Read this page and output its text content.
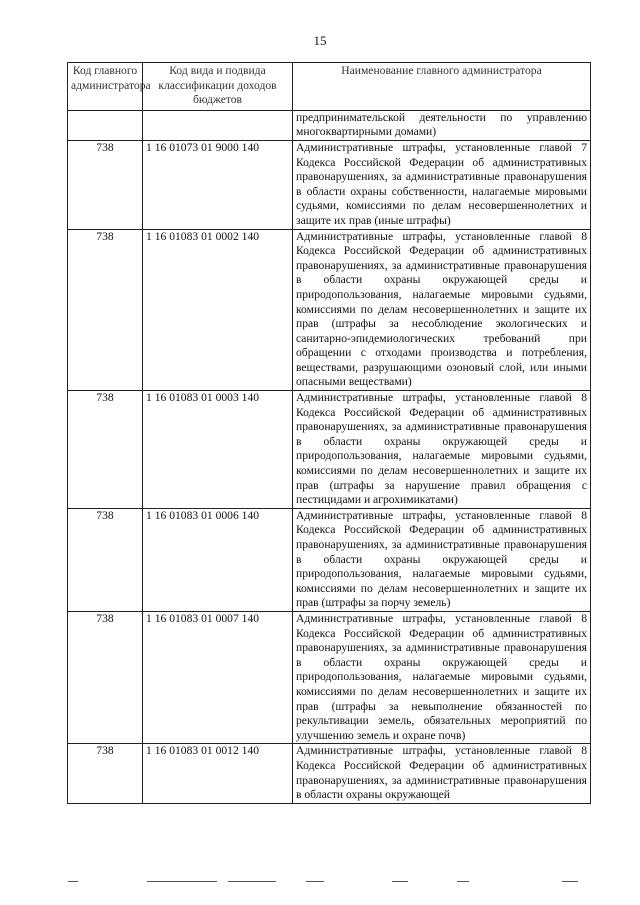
15
Код главного администратора	Код вида и подвида классификации доходов бюджетов	Наименование главного администратора
		предпринимательской деятельности по управлению многоквартирными домами)
738	1 16 01073 01 9000 140	Административные штрафы, установленные главой 7 Кодекса Российской Федерации об административных правонарушениях, за административные правонарушения в области охраны собственности, налагаемые мировыми судьями, комиссиями по делам несовершеннолетних и защите их прав (иные штрафы)
738	1 16 01083 01 0002 140	Административные штрафы, установленные главой 8 Кодекса Российской Федерации об административных правонарушениях, за административные правонарушения в области охраны окружающей среды и природопользования, налагаемые мировыми судьями, комиссиями по делам несовершеннолетних и защите их прав (штрафы за несоблюдение экологических и санитарно-эпидемиологических требований при обращении с отходами производства и потребления, веществами, разрушающими озоновый слой, или иными опасными веществами)
738	1 16 01083 01 0003 140	Административные штрафы, установленные главой 8 Кодекса Российской Федерации об административных правонарушениях, за административные правонарушения в области охраны окружающей среды и природопользования, налагаемые мировыми судьями, комиссиями по делам несовершеннолетних и защите их прав (штрафы за нарушение правил обращения с пестицидами и агрохимикатами)
738	1 16 01083 01 0006 140	Административные штрафы, установленные главой 8 Кодекса Российской Федерации об административных правонарушениях, за административные правонарушения в области охраны окружающей среды и природопользования, налагаемые мировыми судьями, комиссиями по делам несовершеннолетних и защите их прав (штрафы за порчу земель)
738	1 16 01083 01 0007 140	Административные штрафы, установленные главой 8 Кодекса Российской Федерации об административных правонарушениях, за административные правонарушения в области охраны окружающей среды и природопользования, налагаемые мировыми судьями, комиссиями по делам несовершеннолетних и защите их прав (штрафы за невыполнение обязанностей по рекультивации земель, обязательных мероприятий по улучшению земель и охране почв)
738	1 16 01083 01 0012 140	Административные штрафы, установленные главой 8 Кодекса Российской Федерации об административных правонарушениях, за административные правонарушения в области охраны окружающей
